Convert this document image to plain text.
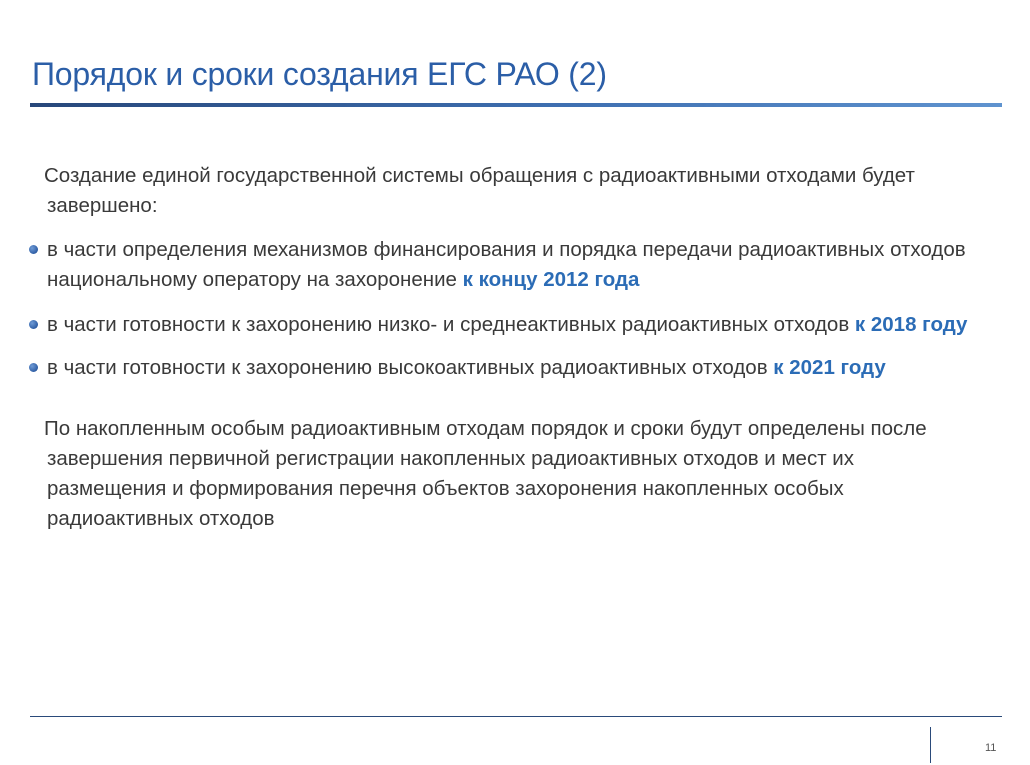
Порядок и сроки создания ЕГС РАО (2)
Создание единой государственной системы обращения с радиоактивными отходами будет
завершено:
в части определения механизмов финансирования и порядка передачи радиоактивных отходов
национальному оператору на захоронение к концу 2012 года
в части готовности к захоронению низко- и среднеактивных радиоактивных отходов к 2018 году
в части готовности к захоронению высокоактивных радиоактивных отходов к 2021 году
По накопленным особым радиоактивным отходам порядок и сроки будут определены после
завершения первичной регистрации накопленных радиоактивных отходов и мест их
размещения и формирования перечня объектов захоронения накопленных особых
радиоактивных отходов
11
